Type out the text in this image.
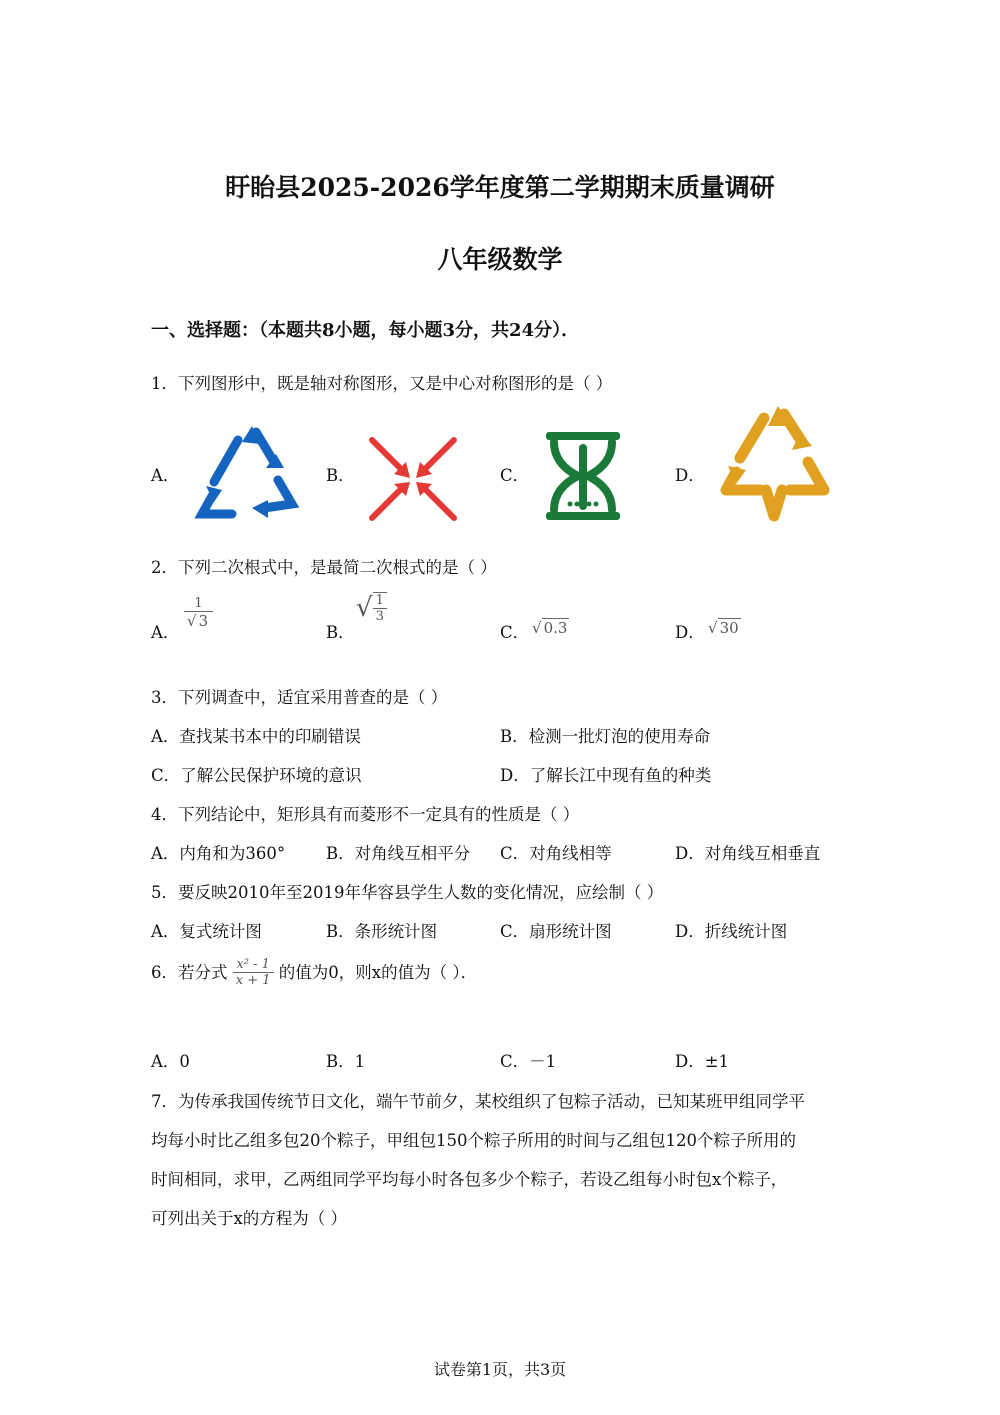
盱眙县2025-2026学年度第二学期期末质量调研
八年级数学
一、选择题：（本题共8小题，每小题3分，共24分）．
1．下列图形中，既是轴对称图形，又是中心对称图形的是（ ）
A．	B．	C．	D．
2．下列二次根式中，是最简二次根式的是（ ）
A．
$\frac{1}{√ 3}$
B．
√ $\frac{1}{3}$
C． √ 0.3	D． √ 30
3．下列调查中，适宜采用普查的是（ ）
A．查找某书本中的印刷错误	B．检测一批灯泡的使用寿命
C．了解公民保护环境的意识	D．了解长江中现有鱼的种类
4．下列结论中，矩形具有而菱形不一定具有的性质是（ ）
A．内角和为360° B．对角线互相平分 C．对角线相等	D．对角线互相垂直
5．要反映2010年至2019年华容县学生人数的变化情况，应绘制（ ）
A．复式统计图	B．条形统计图	C．扇形统计图	D．折线统计图
6．若分式 $\frac{\text{x² - 1}}{x + 1}$ 的值为0，则x的值为（ ）．
A．0	B．1	C．－1	D．±1
7．为传承我国传统节日文化，端午节前夕，某校组织了包粽子活动，已知某班甲组同学平
均每小时比乙组多包20个粽子，甲组包150个粽子所用的时间与乙组包120个粽子所用的
时间相同，求甲，乙两组同学平均每小时各包多少个粽子，若设乙组每小时包x个粽子，
可列出关于x的方程为（ ）
试卷第1页，共3页
